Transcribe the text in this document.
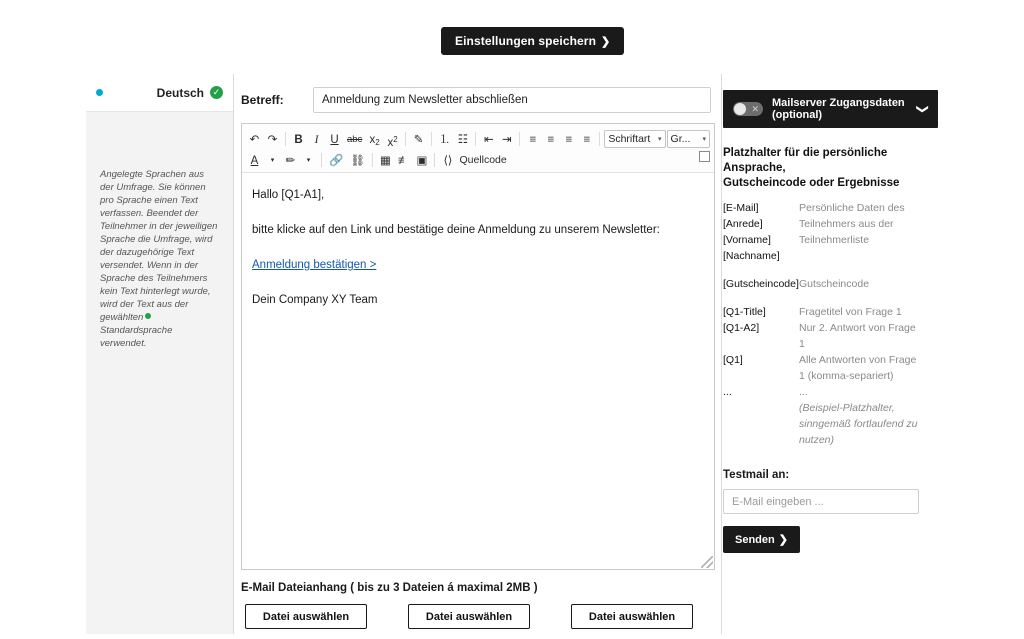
Einstellungen speichern ❯
Deutsch ✓
Angelegte Sprachen aus der Umfrage. Sie können pro Sprache einen Text verfassen. Beendet der Teilnehmer in der jeweiligen Sprache die Umfrage, wird der dazugehörige Text versendet. Wenn in der Sprache des Teilnehmers kein Text hinterlegt wurde, wird der Text aus der gewähltenStandardsprache verwendet.
Betreff:
Anmeldung zum Newsletter abschließen
↶ ↷	B	I	U abc $x_2$ $x^2$	✎	⒈ ☷	⇤ ⇥	≡ ≡ ≡ ≡	Schriftart ▾ Gr... ▾
A	▾ ✏	▾	🔗 ⛓ ▦ ≢ ▣	⟨⟩ Quellcode

Hallo [Q1-A1],

bitte klicke auf den Link und bestätige deine Anmeldung zu unserem Newsletter:

Anmeldung bestätigen >

Dein Company XY Team

E-Mail Dateianhang ( bis zu 3 Dateien á maximal 2MB )
Datei auswählen	Datei auswählen	Datei auswählen
✕ Mailserver Zugangsdaten (optional)	❯
Platzhalter für die persönliche Ansprache,
Gutscheincode oder Ergebnisse
[E-Mail]	Persönliche Daten des
[Anrede]	Teilnehmers aus der
[Vorname]	Teilnehmerliste
[Nachname]
[Gutscheincode] Gutscheincode
[Q1-Title]	Fragetitel von Frage 1
[Q1-A2]	Nur 2. Antwort von Frage
1
[Q1]	Alle Antworten von Frage
1 (komma-separiert)
...	...
(Beispiel-Platzhalter,
sinngemäß fortlaufend zu
nutzen)
Testmail an:
E-Mail eingeben ...
Senden ❯
